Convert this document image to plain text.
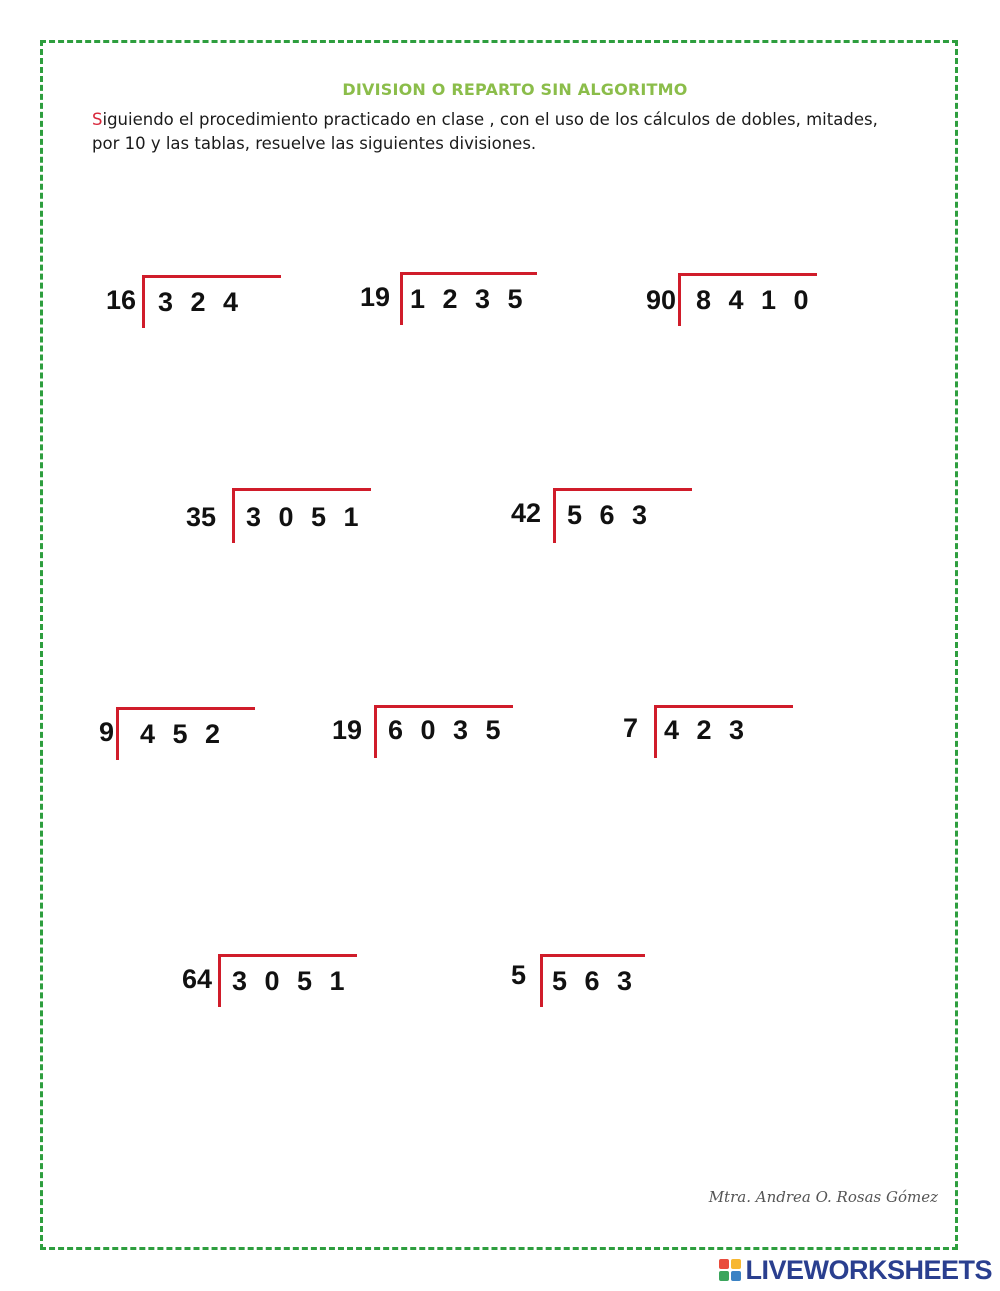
DIVISION O REPARTO SIN ALGORITMO
Siguiendo el procedimiento practicado en clase , con el uso de los cálculos de dobles, mitades, por 10 y las tablas, resuelve las siguientes divisiones.
16 3 2 4	19 1 2 3 5	90 8 4 1 0
35 3 0 5 1	42 5 6 3
9 4 5 2	19 6 0 3 5	7 4 2 3
64 3 0 5 1	5 5 6 3
Mtra. Andrea O. Rosas Gómez
LIVEWORKSHEETS
